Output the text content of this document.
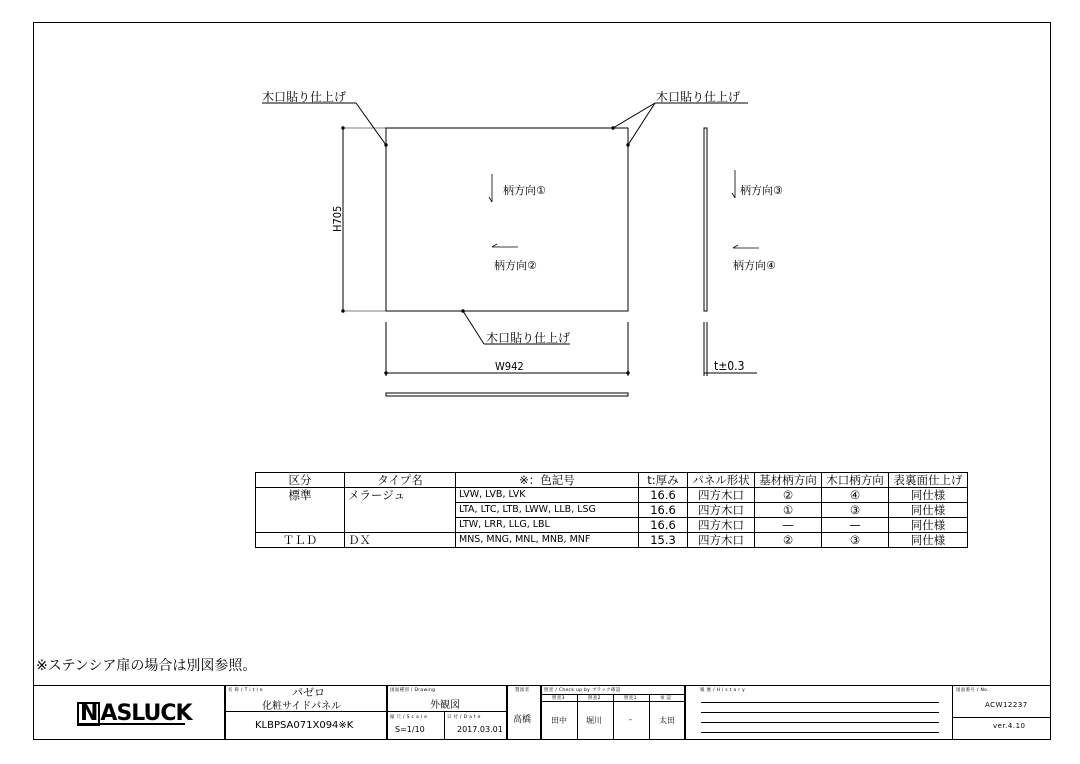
木口貼り仕上げ	木口貼り仕上げ
木口貼り仕上げ
H705
W942	t±0.3
柄方向①
柄方向②
柄方向③
柄方向④
区分	タイプ名	※：色記号	t:厚み	パネル形状	基材柄方向	木口柄方向	表裏面仕上げ
標準	メラージュ	LVW, LVB, LVK	16.6	四方木口	②	④	同仕様
		LTA, LTC, LTB, LWW, LLB, LSG	16.6	四方木口	①	③	同仕様
		LTW, LRR, LLG, LBL	16.6	四方木口	—	—	同仕様
ＴＬＤ	ＤＸ	MNS, MNG, MNL, MNB, MNF	15.3	四方木口	②	③	同仕様
※ステンシア扉の場合は別図参照。
N ASLUCK
名 称 / T i t l e	パゼロ
化粧サイドパネル
KLBPSA071X094※K
図面種別 / Drawing
外観図
縮 尺 / S c a l e
S=1/10
日 付 / D a t e
2017.03.01
製図者
高橋
照査 / Check up by ブラック確認
照査3	照査2	照査1	承 認
田中 堀川	-	太田
履 歴 / H i s t o r y	図面番号 / No.
ACW12237
ver.4.10
